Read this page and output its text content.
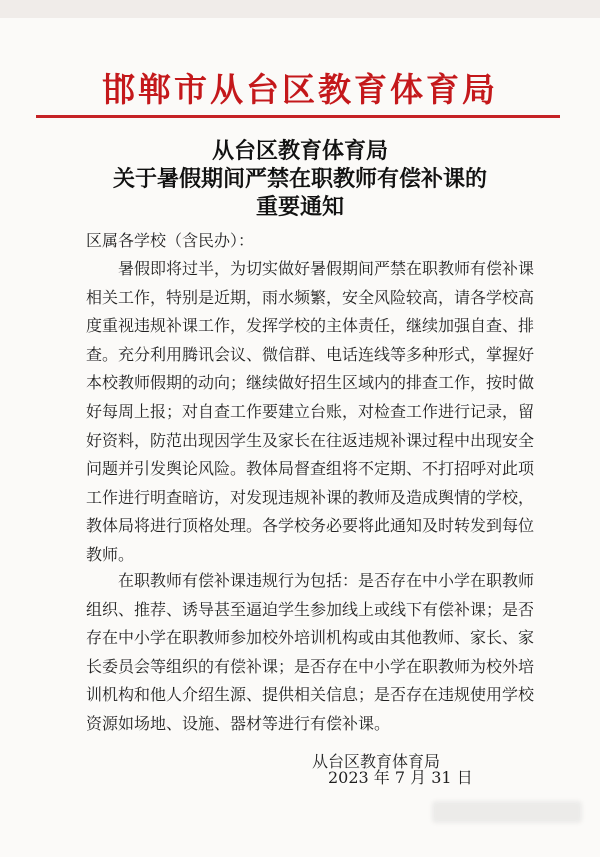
邯郸市从台区教育体育局
从台区教育体育局
关于暑假期间严禁在职教师有偿补课的
重要通知
区属各学校（含民办）：
暑假即将过半，为切实做好暑假期间严禁在职教师有偿补课
相关工作，特别是近期，雨水频繁，安全风险较高，请各学校高
度重视违规补课工作，发挥学校的主体责任，继续加强自查、排
查。充分利用腾讯会议、微信群、电话连线等多种形式，掌握好
本校教师假期的动向；继续做好招生区域内的排查工作，按时做
好每周上报；对自查工作要建立台账，对检查工作进行记录，留
好资料，防范出现因学生及家长在往返违规补课过程中出现安全
问题并引发舆论风险。教体局督查组将不定期、不打招呼对此项
工作进行明查暗访，对发现违规补课的教师及造成舆情的学校，
教体局将进行顶格处理。各学校务必要将此通知及时转发到每位
教师。
在职教师有偿补课违规行为包括：是否存在中小学在职教师
组织、推荐、诱导甚至逼迫学生参加线上或线下有偿补课；是否
存在中小学在职教师参加校外培训机构或由其他教师、家长、家
长委员会等组织的有偿补课；是否存在中小学在职教师为校外培
训机构和他人介绍生源、提供相关信息；是否存在违规使用学校
资源如场地、设施、器材等进行有偿补课。
从台区教育体育局
2023 年 7 月 31 日
